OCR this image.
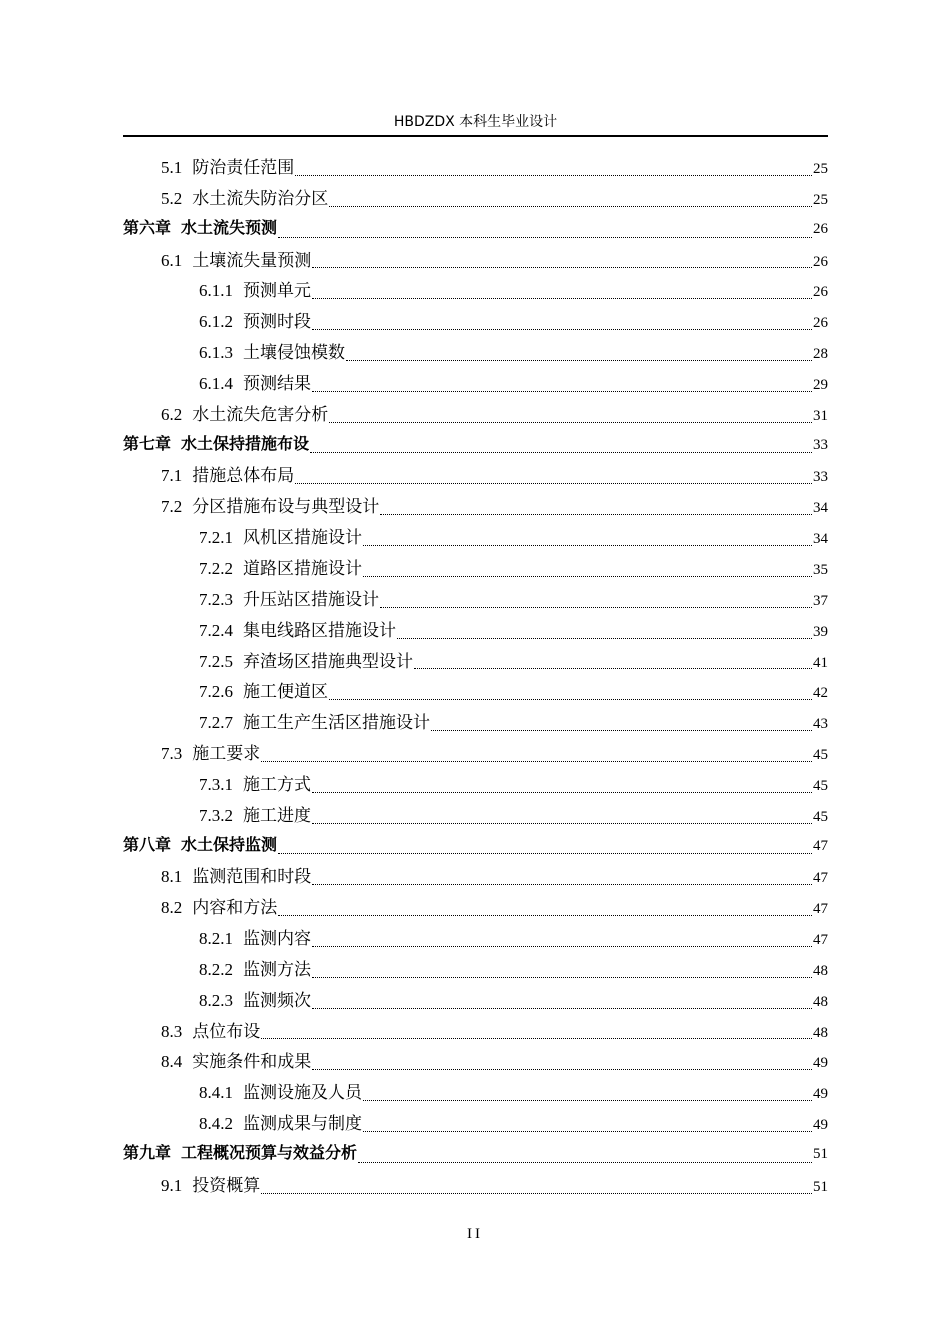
HBDZDX 本科生毕业设计
5.1 防治责任范围	25
5.2 水土流失防治分区	25
第六章 水土流失预测	26
6.1 土壤流失量预测	26
6.1.1 预测单元	26
6.1.2 预测时段	26
6.1.3 土壤侵蚀模数	28
6.1.4 预测结果	29
6.2 水土流失危害分析	31
第七章 水土保持措施布设	33
7.1 措施总体布局	33
7.2 分区措施布设与典型设计	34
7.2.1 风机区措施设计	34
7.2.2 道路区措施设计	35
7.2.3 升压站区措施设计	37
7.2.4 集电线路区措施设计	39
7.2.5 弃渣场区措施典型设计	41
7.2.6 施工便道区	42
7.2.7 施工生产生活区措施设计	43
7.3 施工要求	45
7.3.1 施工方式	45
7.3.2 施工进度	45
第八章 水土保持监测	47
8.1 监测范围和时段	47
8.2 内容和方法	47
8.2.1 监测内容	47
8.2.2 监测方法	48
8.2.3 监测频次	48
8.3 点位布设	48
8.4 实施条件和成果	49
8.4.1 监测设施及人员	49
8.4.2 监测成果与制度	49
第九章 工程概况预算与效益分析	51
9.1 投资概算	51
II
